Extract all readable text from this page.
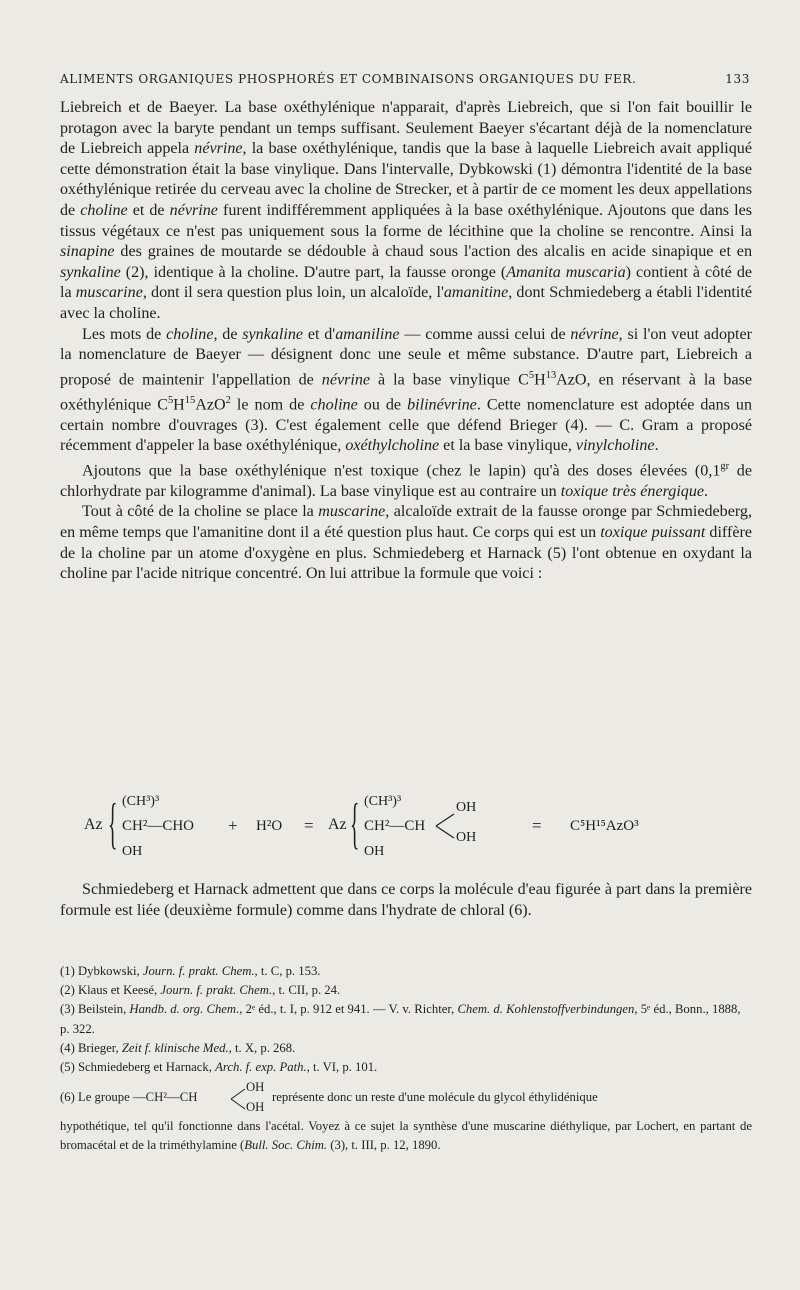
ALIMENTS ORGANIQUES PHOSPHORÉS ET COMBINAISONS ORGANIQUES DU FER.	133

Liebreich et de Baeyer. La base oxéthylénique n'apparait, d'après Liebreich, que si l'on fait bouillir le protagon avec la baryte pendant un temps suffisant. Seulement Baeyer s'écartant déjà de la nomenclature de Liebreich appela névrine, la base oxéthylénique, tandis que la base à laquelle Liebreich avait appliqué cette démonstration était la base vinylique. Dans l'intervalle, Dybkowski (1) démontra l'identité de la base oxéthylénique retirée du cerveau avec la choline de Strecker, et à partir de ce moment les deux appellations de choline et de névrine furent indifféremment appliquées à la base oxéthylénique. Ajoutons que dans les tissus végétaux ce n'est pas uniquement sous la forme de lécithine que la choline se rencontre. Ainsi la sinapine des graines de moutarde se dédouble à chaud sous l'action des alcalis en acide sinapique et en synkaline (2), identique à la choline. D'autre part, la fausse oronge (Amanita muscaria) contient à côté de la muscarine, dont il sera question plus loin, un alcaloïde, l'amanitine, dont Schmiedeberg a établi l'identité avec la choline.

Les mots de choline, de synkaline et d'amaniline — comme aussi celui de névrine, si l'on veut adopter la nomenclature de Baeyer — désignent donc une seule et même substance. D'autre part, Liebreich a proposé de maintenir l'appellation de névrine à la base vinylique $C^5H^{13}AzO$, en réservant à la base oxéthylénique $C^5H^{15}AzO^2$ le nom de choline ou de bilinévrine. Cette nomenclature est adoptée dans un certain nombre d'ouvrages (3). C'est également celle que défend Brieger (4). — C. Gram a proposé récemment d'appeler la base oxéthylénique, oxéthylcholine et la base vinylique, vinylcholine.

Ajoutons que la base oxéthylénique n'est toxique (chez le lapin) qu'à des doses élevées ($0,1^{gr}$ de chlorhydrate par kilogramme d'animal). La base vinylique est au contraire un toxique très énergique.

Tout à côté de la choline se place la muscarine, alcaloïde extrait de la fausse oronge par Schmiedeberg, en même temps que l'amanitine dont il a été question plus haut. Ce corps qui est un toxique puissant diffère de la choline par un atome d'oxygène en plus. Schmiedeberg et Harnack (5) l'ont obtenue en oxydant la choline par l'acide nitrique concentré. On lui attribue la formule que voici :

Az { (CH³)³
CH²—CHO
OH
+ H²O = Az { (CH³)³
CH²—CH
OH
OH
OH
= C⁵H¹⁵AzO³

Schmiedeberg et Harnack admettent que dans ce corps la molécule d'eau figurée à part dans la première formule est liée (deuxième formule) comme dans l'hydrate de chloral (6).

(1) Dybkowski, Journ. f. prakt. Chem., t. C, p. 153.

(2) Klaus et Keesé, Journ. f. prakt. Chem., t. CII, p. 24.

(3) Beilstein, Handb. d. org. Chem., 2ᵉ éd., t. I, p. 912 et 941. — V. v. Richter, Chem. d. Kohlenstoffverbindungen, 5ᵉ éd., Bonn., 1888, p. 322.

(4) Brieger, Zeit f. klinische Med., t. X, p. 268.

(5) Schmiedeberg et Harnack, Arch. f. exp. Path., t. VI, p. 101.

(6) Le groupe —CH²—CH
OH
OH
représente donc un reste d'une molécule du glycol éthylidénique

hypothétique, tel qu'il fonctionne dans l'acétal. Voyez à ce sujet la synthèse d'une muscarine diéthylique, par Lochert, en partant de bromacétal et de la triméthylamine (Bull. Soc. Chim. (3), t. III, p. 12, 1890.
